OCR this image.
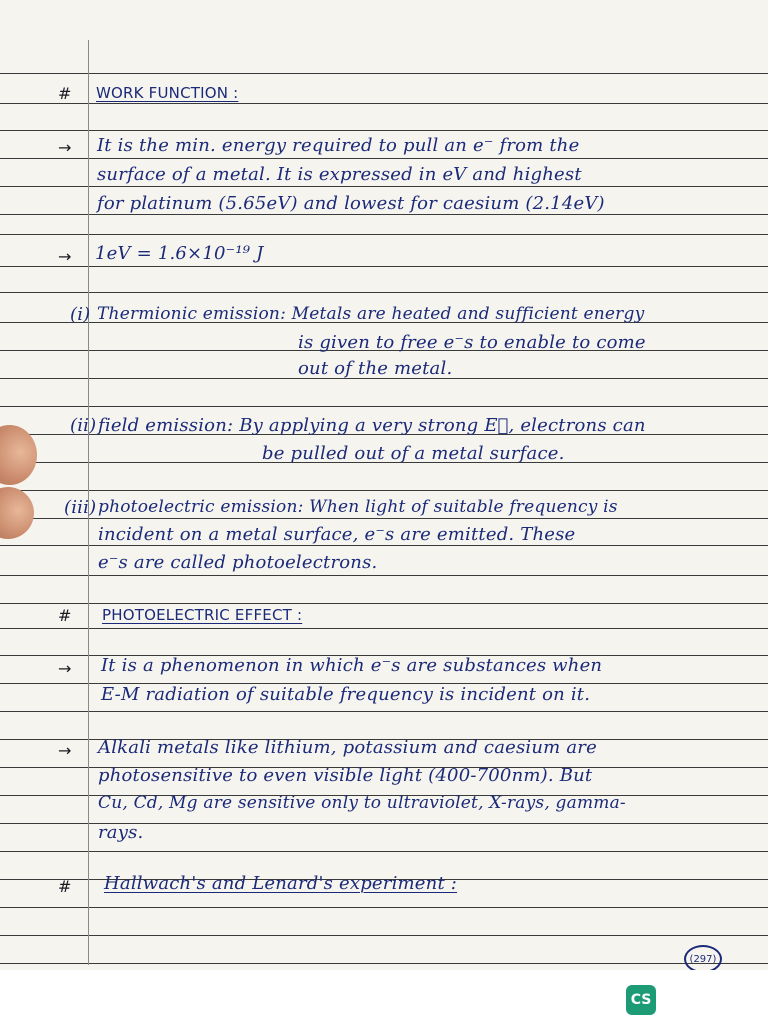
# WORK FUNCTION :
→ It is the min. energy required to pull an e⁻ from the
surface of a metal. It is expressed in eV and highest
for platinum (5.65eV) and lowest for caesium (2.14eV)
→ 1eV = 1.6×10⁻¹⁹ J
(i) Thermionic emission: Metals are heated and sufficient energy
is given to free e⁻s to enable to come
out of the metal.
(ii) field emission: By applying a very strong E⃗, electrons can
be pulled out of a metal surface.
(iii) photoelectric emission: When light of suitable frequency is
incident on a metal surface, e⁻s are emitted. These
e⁻s are called photoelectrons.
# PHOTOELECTRIC EFFECT :
→ It is a phenomenon in which e⁻s are substances when
E-M radiation of suitable frequency is incident on it.
→ Alkali metals like lithium, potassium and caesium are
photosensitive to even visible light (400-700nm). But
Cu, Cd, Mg are sensitive only to ultraviolet, X-rays, gamma-
rays.
# Hallwach's and Lenard's experiment :
(297)
CS
